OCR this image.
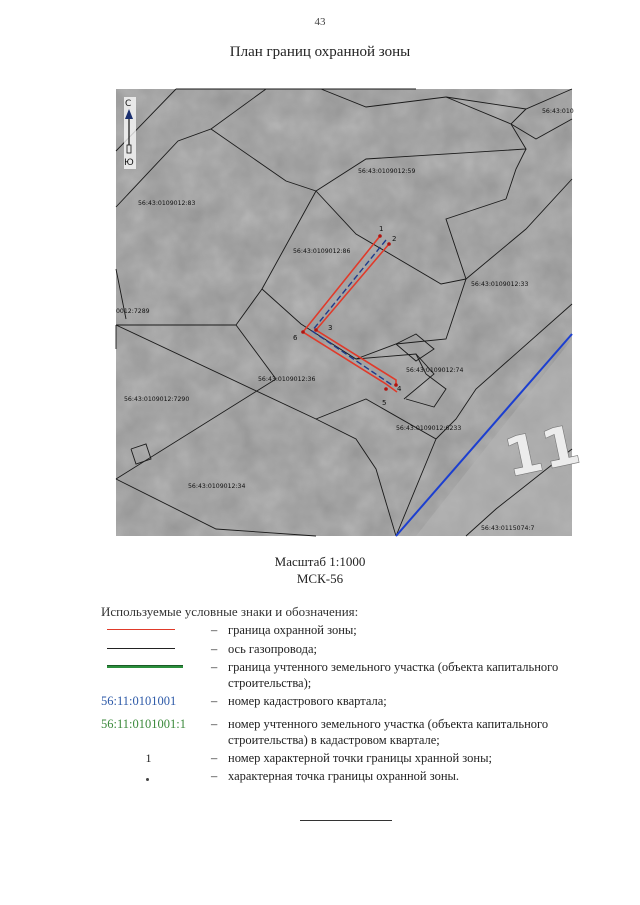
43
План границ охранной зоны
1
2
3
4
5
6
56:43:010
56:43:0109012:59
56:43:0109012:83
56:43:0109012:86
56:43:0109012:33
0012:7289
56:43:0109012:74
56:43:0109012:36
56:43:0109012:7290
56:43:0109012:6233
56:43:0109012:34
56:43:0115074:7
11
С
Ю
Масштаб 1:1000
МСК-56
Используемые условные знаки и обозначения:
– граница охранной зоны;
– ось газопровода;
– граница учтенного земельного участка (объекта капитального строительства);
56:11:0101001	– номер кадастрового квартала;
56:11:0101001:1	– номер учтенного земельного участка (объекта капитального строительства) в кадастровом квартале;
1	– номер характерной точки границы хранной зоны;
– характерная точка границы охранной зоны.
